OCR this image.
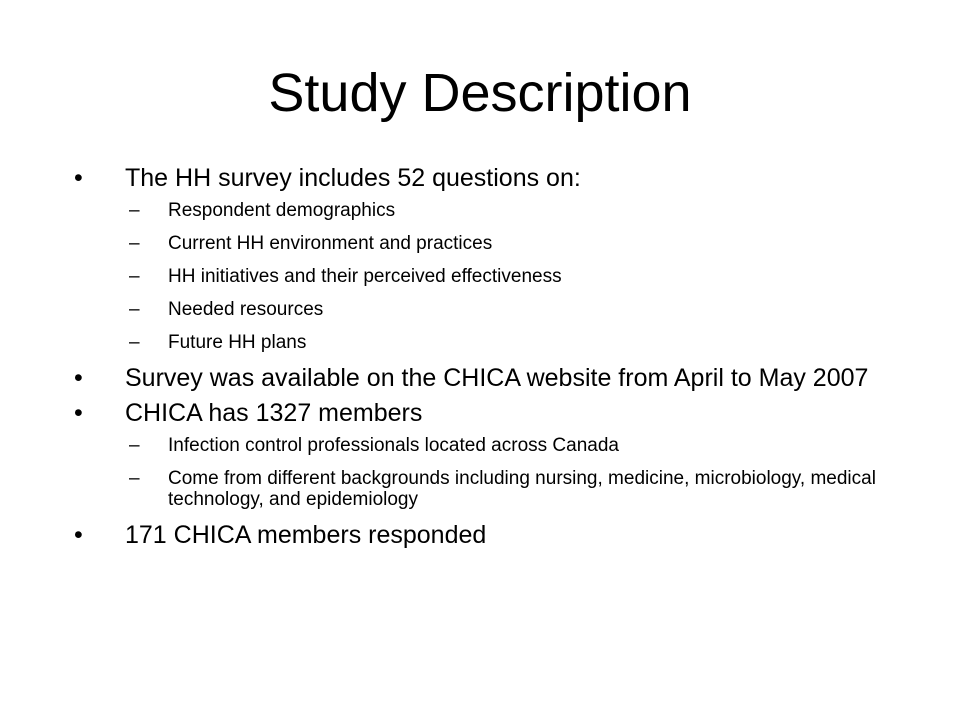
Study Description
• The HH survey includes 52 questions on:
– Respondent demographics
– Current HH environment and practices
– HH initiatives and their perceived effectiveness
– Needed resources
– Future HH plans
• Survey was available on the CHICA website from April to May 2007
• CHICA has 1327 members
– Infection control professionals located across Canada
– Come from different backgrounds including nursing, medicine, microbiology, medical technology, and epidemiology
• 171 CHICA members responded
